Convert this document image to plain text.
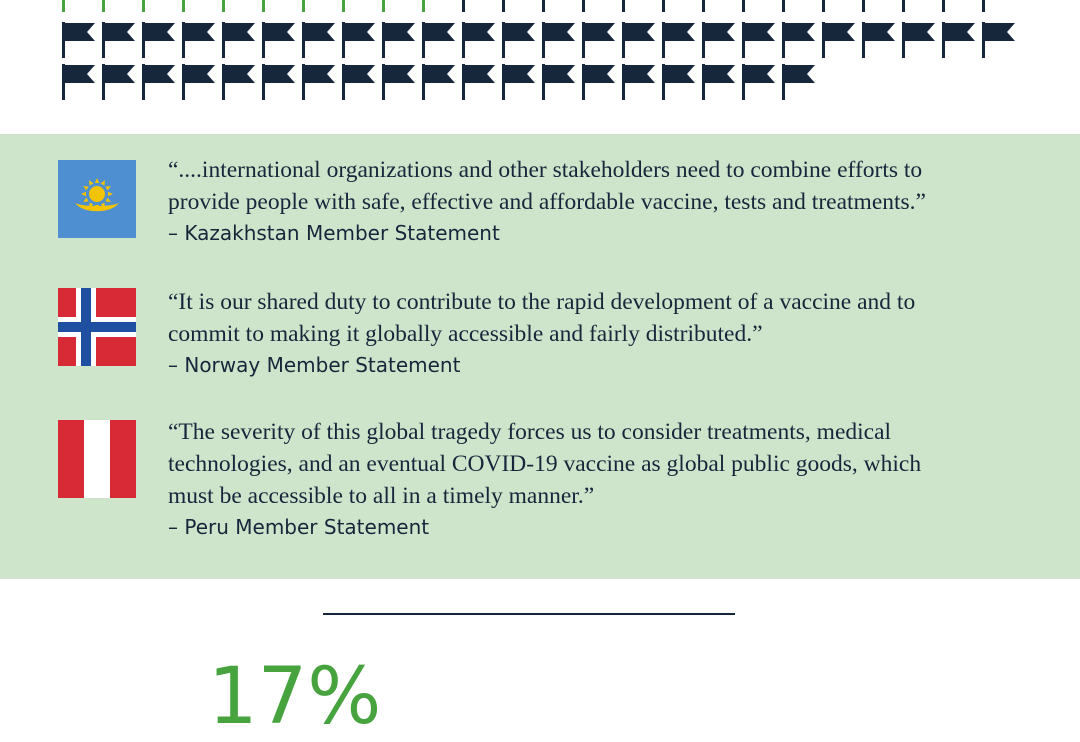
“....international organizations and other stakeholders need to combine efforts to
provide people with safe, effective and affordable vaccine, tests and treatments.”
– Kazakhstan Member Statement
“It is our shared duty to contribute to the rapid development of a vaccine and to
commit to making it globally accessible and fairly distributed.”
– Norway Member Statement
“The severity of this global tragedy forces us to consider treatments, medical
technologies, and an eventual COVID-19 vaccine as global public goods, which
must be accessible to all in a timely manner.”
– Peru Member Statement
17%
